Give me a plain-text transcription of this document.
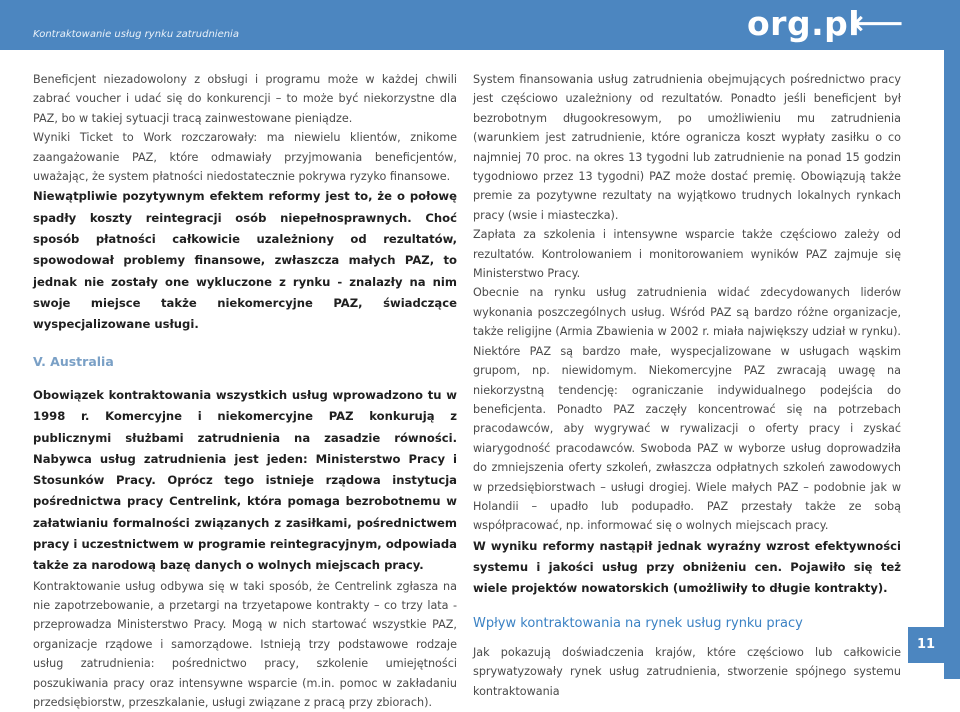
Kontraktowanie usług rynku zatrudnienia	org.pl
⟵

Beneficjent niezadowolony z obsługi i programu może w każdej chwili zabrać voucher i udać się do konkurencji – to może być niekorzystne dla PAZ, bo w takiej sytuacji tracą zainwestowane pieniądze.

Wyniki Ticket to Work rozczarowały: ma niewielu klientów, znikome zaangażowanie PAZ, które odmawiały przyjmowania beneficjentów, uważając, że system płatności niedostatecznie pokrywa ryzyko finansowe.

Niewątpliwie pozytywnym efektem reformy jest to, że o połowę spadły koszty reintegracji osób niepełnosprawnych. Choć sposób płatności całkowicie uzależniony od rezultatów, spowodował problemy finansowe, zwłaszcza małych PAZ, to jednak nie zostały one wykluczone z rynku - znalazły na nim swoje miejsce także niekomercyjne PAZ, świadczące wyspecjalizowane usługi.

V. Australia

Obowiązek kontraktowania wszystkich usług wprowadzono tu w 1998 r. Komercyjne i niekomercyjne PAZ konkurują z publicznymi służbami zatrudnienia na zasadzie równości. Nabywca usług zatrudnienia jest jeden: Ministerstwo Pracy i Stosunków Pracy. Oprócz tego istnieje rządowa instytucja pośrednictwa pracy Centrelink, która pomaga bezrobotnemu w załatwianiu formalności związanych z zasiłkami, pośrednictwem pracy i uczestnictwem w programie reintegracyjnym, odpowiada także za narodową bazę danych o wolnych miejscach pracy.

Kontraktowanie usług odbywa się w taki sposób, że Centrelink zgłasza na nie zapotrzebowanie, a przetargi na trzyetapowe kontrakty – co trzy lata - przeprowadza Ministerstwo Pracy. Mogą w nich startować wszystkie PAZ, organizacje rządowe i samorządowe. Istnieją trzy podstawowe rodzaje usług zatrudnienia: pośrednictwo pracy, szkolenie umiejętności poszukiwania pracy oraz intensywne wsparcie (m.in. pomoc w zakładaniu przedsiębiorstw, przeszkalanie, usługi związane z pracą przy zbiorach).

System finansowania usług zatrudnienia obejmujących pośrednictwo pracy jest częściowo uzależniony od rezultatów. Ponadto jeśli beneficjent był bezrobotnym długookresowym, po umożliwieniu mu zatrudnienia (warunkiem jest zatrudnienie, które ogranicza koszt wypłaty zasiłku o co najmniej 70 proc. na okres 13 tygodni lub zatrudnienie na ponad 15 godzin tygodniowo przez 13 tygodni) PAZ może dostać premię. Obowiązują także premie za pozytywne rezultaty na wyjątkowo trudnych lokalnych rynkach pracy (wsie i miasteczka).

Zapłata za szkolenia i intensywne wsparcie także częściowo zależy od rezultatów. Kontrolowaniem i monitorowaniem wyników PAZ zajmuje się Ministerstwo Pracy.

Obecnie na rynku usług zatrudnienia widać zdecydowanych liderów wykonania poszczególnych usług. Wśród PAZ są bardzo różne organizacje, także religijne (Armia Zbawienia w 2002 r. miała największy udział w rynku). Niektóre PAZ są bardzo małe, wyspecjalizowane w usługach wąskim grupom, np. niewidomym. Niekomercyjne PAZ zwracają uwagę na niekorzystną tendencję: ograniczanie indywidualnego podejścia do beneficjenta. Ponadto PAZ zaczęły koncentrować się na potrzebach pracodawców, aby wygrywać w rywalizacji o oferty pracy i zyskać wiarygodność pracodawców. Swoboda PAZ w wyborze usług doprowadziła do zmniejszenia oferty szkoleń, zwłaszcza odpłatnych szkoleń zawodowych w przedsiębiorstwach – usługi drogiej. Wiele małych PAZ – podobnie jak w Holandii – upadło lub podupadło. PAZ przestały także ze sobą współpracować, np. informować się o wolnych miejscach pracy.

W wyniku reformy nastąpił jednak wyraźny wzrost efektywności systemu i jakości usług przy obniżeniu cen. Pojawiło się też wiele projektów nowatorskich (umożliwiły to długie kontrakty).

Wpływ kontraktowania na rynek usług rynku pracy

Jak pokazują doświadczenia krajów, które częściowo lub całkowicie sprywatyzowały rynek usług zatrudnienia, stworzenie spójnego systemu kontraktowania

11
